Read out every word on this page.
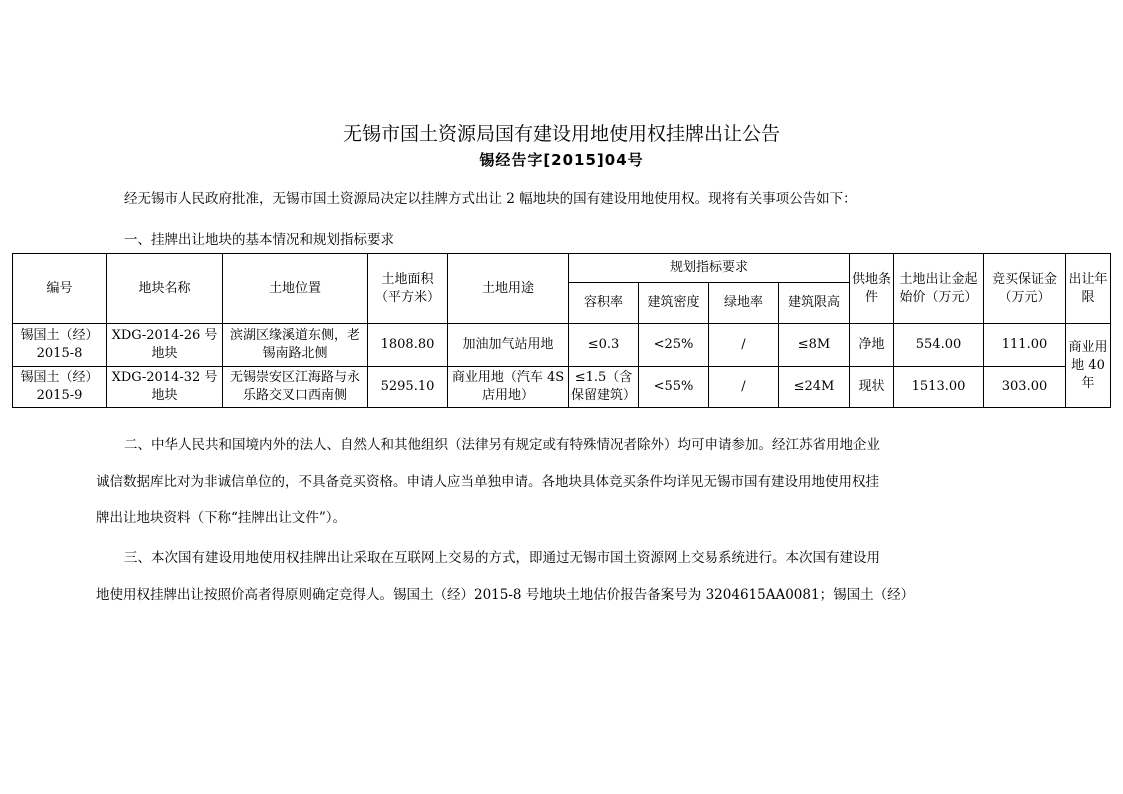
无锡市国土资源局国有建设用地使用权挂牌出让公告
锡经告字[2015]04号
经无锡市人民政府批准，无锡市国土资源局决定以挂牌方式出让 2 幅地块的国有建设用地使用权。现将有关事项公告如下：
一、挂牌出让地块的基本情况和规划指标要求
编号	地块名称	土地位置	土地面积（平方米）	土地用途	规划指标要求				供地条件	土地出让金起始价（万元）	竞买保证金（万元）	出让年限
					容积率	建筑密度	绿地率	建筑限高				
锡国土（经）2015-8	XDG-2014-26 号地块	滨湖区缘溪道东侧，老锡南路北侧	1808.80	加油加气站用地	≤0.3	<25%	/	≤8M	净地	554.00	111.00	商业用地 40 年
锡国土（经）2015-9	XDG-2014-32 号地块	无锡崇安区江海路与永乐路交叉口西南侧	5295.10	商业用地（汽车 4S 店用地）	≤1.5（含保留建筑）	<55%	/	≤24M	现状	1513.00	303.00	
二、中华人民共和国境内外的法人、自然人和其他组织（法律另有规定或有特殊情况者除外）均可申请参加。经江苏省用地企业
诚信数据库比对为非诚信单位的，不具备竞买资格。申请人应当单独申请。各地块具体竞买条件均详见无锡市国有建设用地使用权挂
牌出让地块资料（下称“挂牌出让文件”）。
三、本次国有建设用地使用权挂牌出让采取在互联网上交易的方式，即通过无锡市国土资源网上交易系统进行。本次国有建设用
地使用权挂牌出让按照价高者得原则确定竞得人。锡国土（经）2015-8 号地块土地估价报告备案号为 3204615AA0081；锡国土（经）
